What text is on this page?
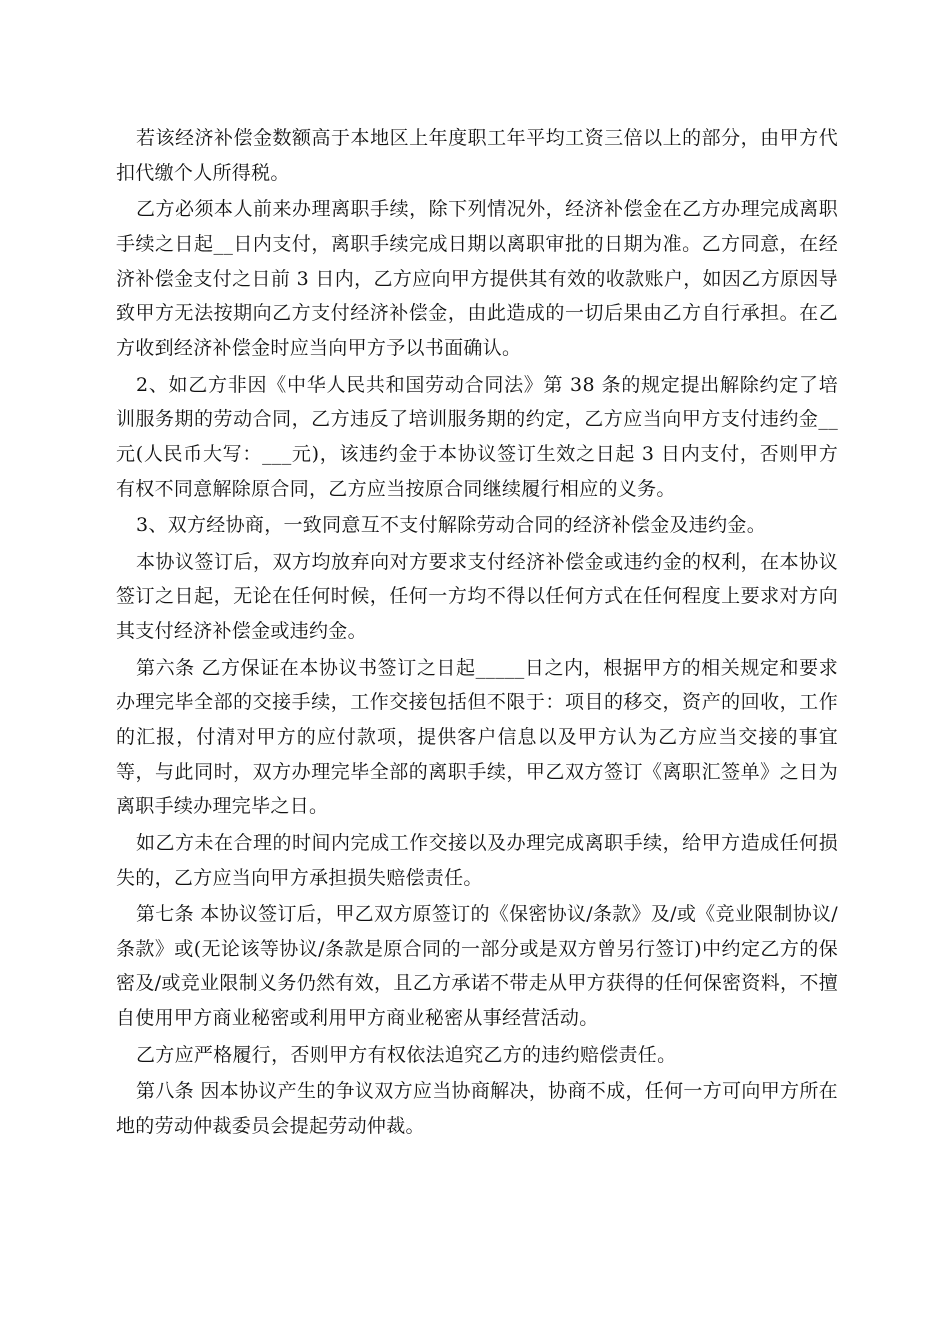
若该经济补偿金数额高于本地区上年度职工年平均工资三倍以上的部分，由甲方代扣代缴个人所得税。

乙方必须本人前来办理离职手续，除下列情况外，经济补偿金在乙方办理完成离职手续之日起__日内支付，离职手续完成日期以离职审批的日期为准。乙方同意，在经济补偿金支付之日前 3 日内，乙方应向甲方提供其有效的收款账户，如因乙方原因导致甲方无法按期向乙方支付经济补偿金，由此造成的一切后果由乙方自行承担。在乙方收到经济补偿金时应当向甲方予以书面确认。

2、如乙方非因《中华人民共和国劳动合同法》第 38 条的规定提出解除约定了培训服务期的劳动合同，乙方违反了培训服务期的约定，乙方应当向甲方支付违约金__元(人民币大写：___元)，该违约金于本协议签订生效之日起 3 日内支付，否则甲方有权不同意解除原合同，乙方应当按原合同继续履行相应的义务。

3、双方经协商，一致同意互不支付解除劳动合同的经济补偿金及违约金。

本协议签订后，双方均放弃向对方要求支付经济补偿金或违约金的权利，在本协议签订之日起，无论在任何时候，任何一方均不得以任何方式在任何程度上要求对方向其支付经济补偿金或违约金。

第六条 乙方保证在本协议书签订之日起_____日之内，根据甲方的相关规定和要求办理完毕全部的交接手续，工作交接包括但不限于：项目的移交，资产的回收，工作的汇报，付清对甲方的应付款项，提供客户信息以及甲方认为乙方应当交接的事宜等，与此同时，双方办理完毕全部的离职手续，甲乙双方签订《离职汇签单》之日为离职手续办理完毕之日。

如乙方未在合理的时间内完成工作交接以及办理完成离职手续，给甲方造成任何损失的，乙方应当向甲方承担损失赔偿责任。

第七条 本协议签订后，甲乙双方原签订的《保密协议/条款》及/或《竞业限制协议/条款》或(无论该等协议/条款是原合同的一部分或是双方曾另行签订)中约定乙方的保密及/或竞业限制义务仍然有效，且乙方承诺不带走从甲方获得的任何保密资料，不擅自使用甲方商业秘密或利用甲方商业秘密从事经营活动。

乙方应严格履行，否则甲方有权依法追究乙方的违约赔偿责任。

第八条 因本协议产生的争议双方应当协商解决，协商不成，任何一方可向甲方所在地的劳动仲裁委员会提起劳动仲裁。
